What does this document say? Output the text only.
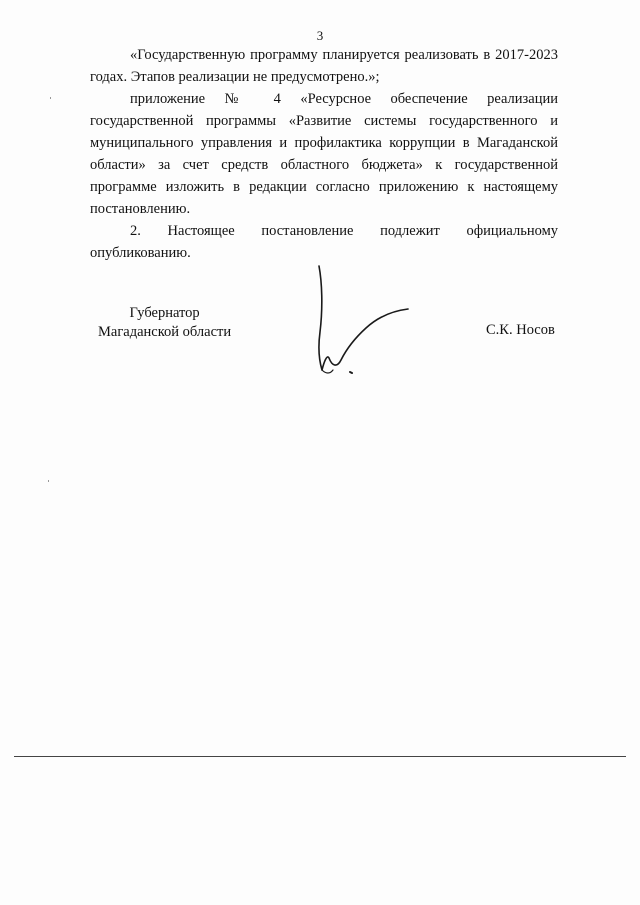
3

«Государственную программу планируется реализовать в 2017-2023 годах. Этапов реализации не предусмотрено.»;

приложение № 4 «Ресурсное обеспечение реализации государственной программы «Развитие системы государственного и муниципального управления и профилактика коррупции в Магаданской области» за счет средств областного бюджета» к государственной программе изложить в редакции согласно приложению к настоящему постановлению.

2. Настоящее постановление подлежит официальному опубликованию.

Губернатор
Магаданской области	С.К. Носов
